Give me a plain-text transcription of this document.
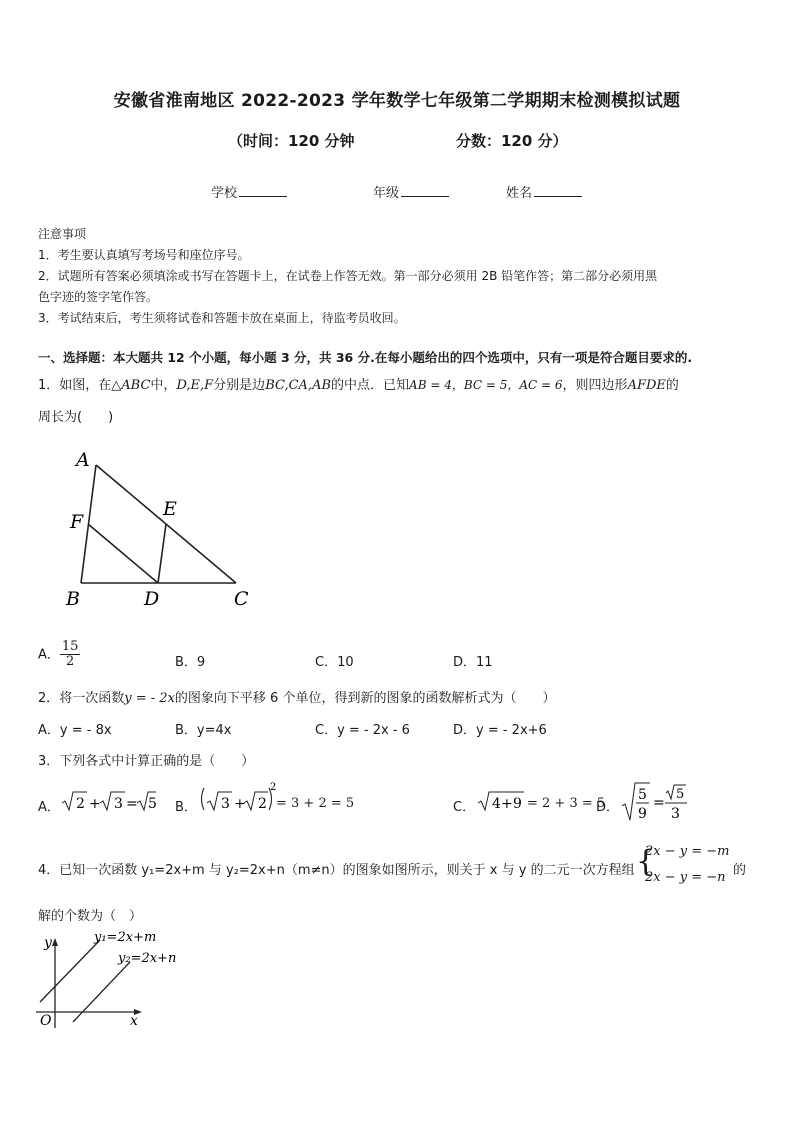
安徽省淮南地区 2022-2023 学年数学七年级第二学期期末检测模拟试题
（时间：120 分钟	分数：120 分）
学校	年级	姓名
注意事项
1．考生要认真填写考场号和座位序号。
2．试题所有答案必须填涂或书写在答题卡上，在试卷上作答无效。第一部分必须用 2B 铅笔作答；第二部分必须用黑
色字迹的签字笔作答。
3．考试结束后，考生须将试卷和答题卡放在桌面上，待监考员收回。
一、选择题：本大题共 12 个小题，每小题 3 分，共 36 分.在每小题给出的四个选项中，只有一项是符合题目要求的.
1．如图，在△ABC中，D,E,F分别是边BC,CA,AB的中点．已知AB = 4，BC = 5，AC = 6，则四边形AFDE的
周长为(　　)
A
F
E
B	D	C
A． $\frac{15}{2}$	B．9	C．10	D．11
2．将一次函数y = - 2x的图象向下平移 6 个单位，得到新的图象的函数解析式为（　　）
A．y = - 8x	B．y=4x	C．y = - 2x - 6	D．y = - 2x+6
3．下列各式中计算正确的是（　　）
A． 2 + 3 = 5 B． 3 + 2
2
= 3 + 2 = 5	C． 4 + 9 = 2 + 3 = 5
D．
5
9
=
5
3
4．已知一次函数 y₁=2x+m 与 y₂=2x+n（m≠n）的图象如图所示，则关于 x 与 y 的二元一次方程组 {
2x − y = −m
2x − y = −n 的
解的个数为（　）
y
x
O
y₁=2x+m
y₂=2x+n
